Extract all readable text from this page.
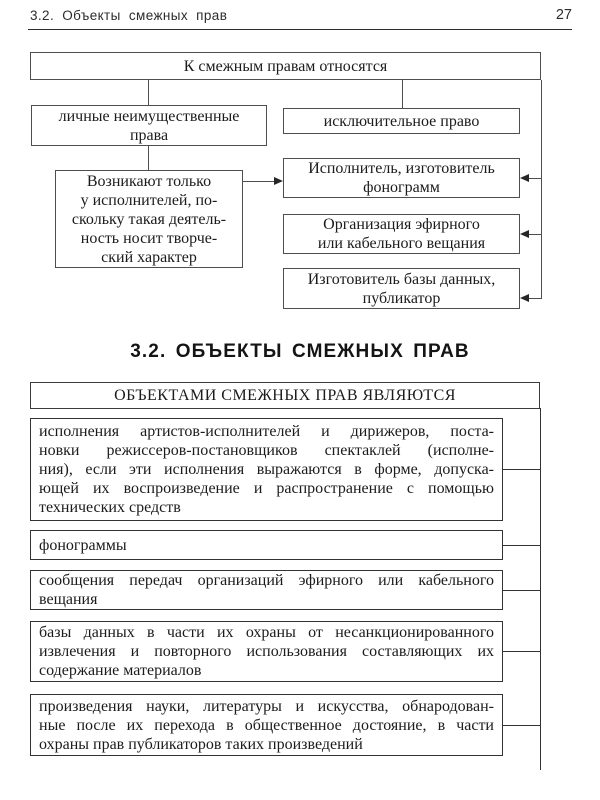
3.2. Объекты смежных прав	27
К смежным правам относятся
личные неимущественные
права
исключительное право
Возникают только
у исполнителей, по-
скольку такая деятель-
ность носит творче-
ский характер
Исполнитель, изготовитель
фонограмм
Организация эфирного
или кабельного вещания
Изготовитель базы данных,
публикатор
3.2. ОБЪЕКТЫ СМЕЖНЫХ ПРАВ
ОБЪЕКТАМИ СМЕЖНЫХ ПРАВ ЯВЛЯЮТСЯ
исполнения артистов-исполнителей и дирижеров, поста-
новки режиссеров-постановщиков спектаклей (исполне-
ния), если эти исполнения выражаются в форме, допуска-
ющей их воспроизведение и распространение с помощью
технических средств
фонограммы
сообщения передач организаций эфирного или кабельного
вещания
базы данных в части их охраны от несанкционированного
извлечения и повторного использования составляющих их
содержание материалов
произведения науки, литературы и искусства, обнародован-
ные после их перехода в общественное достояние, в части
охраны прав публикаторов таких произведений
